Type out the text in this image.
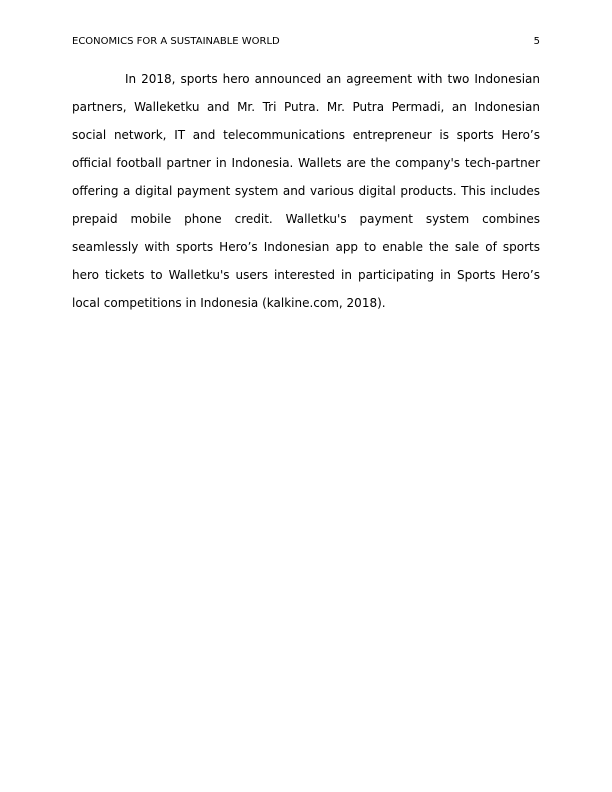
ECONOMICS FOR A SUSTAINABLE WORLD	5

In 2018, sports hero announced an agreement with two Indonesian partners, Walleketku and Mr. Tri Putra. Mr. Putra Permadi, an Indonesian social network, IT and telecommunications entrepreneur is sports Hero’s official football partner in Indonesia. Wallets are the company's tech-partner offering a digital payment system and various digital products. This includes prepaid mobile phone credit. Walletku's payment system combines seamlessly with sports Hero’s Indonesian app to enable the sale of sports hero tickets to Walletku's users interested in participating in Sports Hero’s local competitions in Indonesia (kalkine.com, 2018).
